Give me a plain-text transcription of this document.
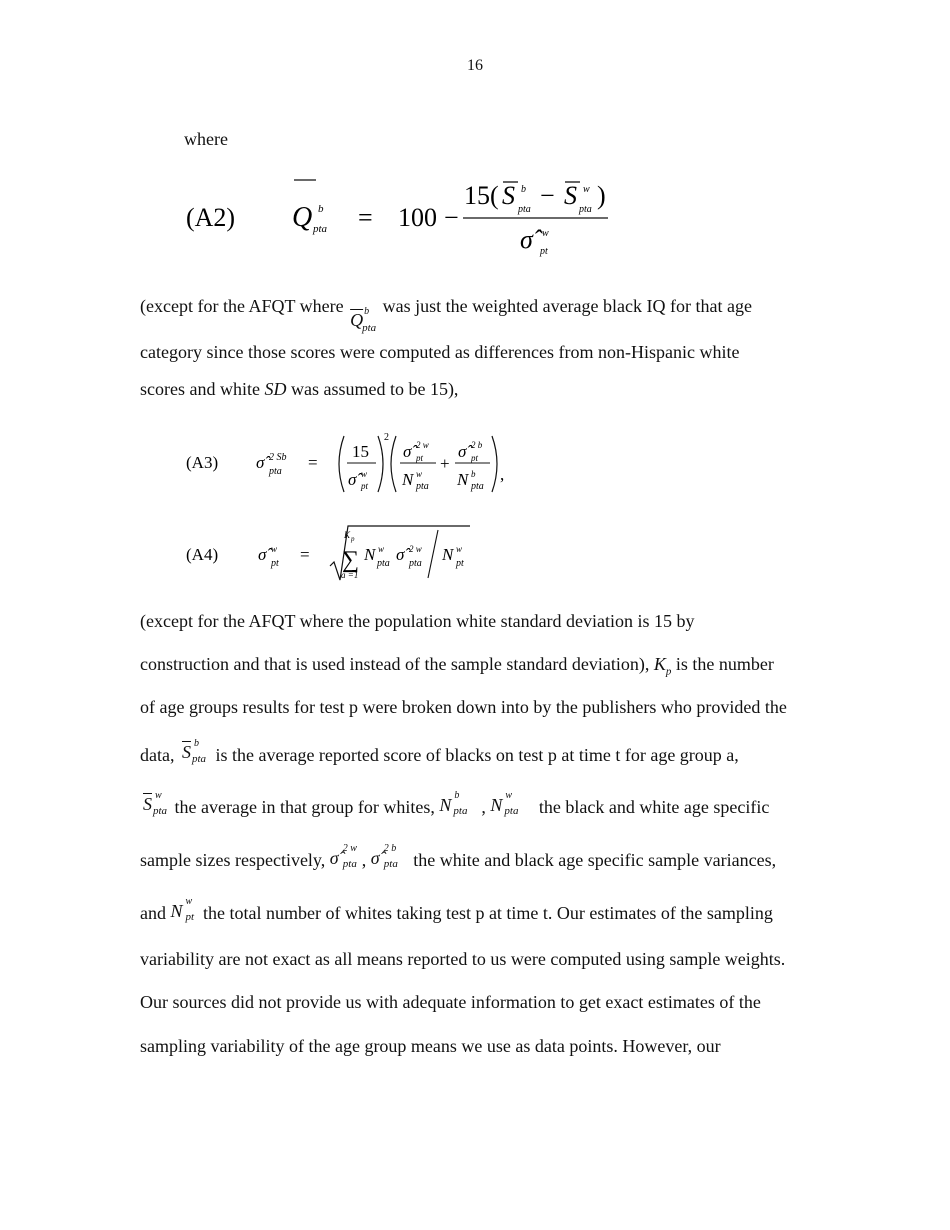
16
where
(A2) Q b
pta = 100 −
15( S b
pta − S w
pta )
σ̂ w
pt
(except for the AFQT where
$\overline{Q}$ b
pta
was just the weighted average black IQ for that age
category since those scores were computed as differences from non-Hispanic white
scores and white SD was assumed to be 15),
(A3) σ̂ 2 Sb
pta =
15
σ̂ w
pt
2
σ̂ 2 w
pt
N w
pta
+
σ̂ 2 b
pt
N b
pta
,
(A4) σ̂ w
pt =
K p
∑
a =1
N w
pta σ̂ 2 w
pta N w
pt
(except for the AFQT where the population white standard deviation is 15 by
construction and that is used instead of the sample standard deviation), $K_p$ is the number
of age groups results for test p were broken down into by the publishers who provided the
data, $\overline{S}$ b
pta is the average reported score of blacks on test p at time t for age group a,
$\overline{S}$ w
pta the average in that group for whites, N b
pta , N w
pta the black and white age specific
sample sizes respectively, σ̂ 2 w
pta , σ̂ 2 b
pta the white and black age specific sample variances,
and N w
pt the total number of whites taking test p at time t. Our estimates of the sampling
variability are not exact as all means reported to us were computed using sample weights.
Our sources did not provide us with adequate information to get exact estimates of the
sampling variability of the age group means we use as data points. However, our
